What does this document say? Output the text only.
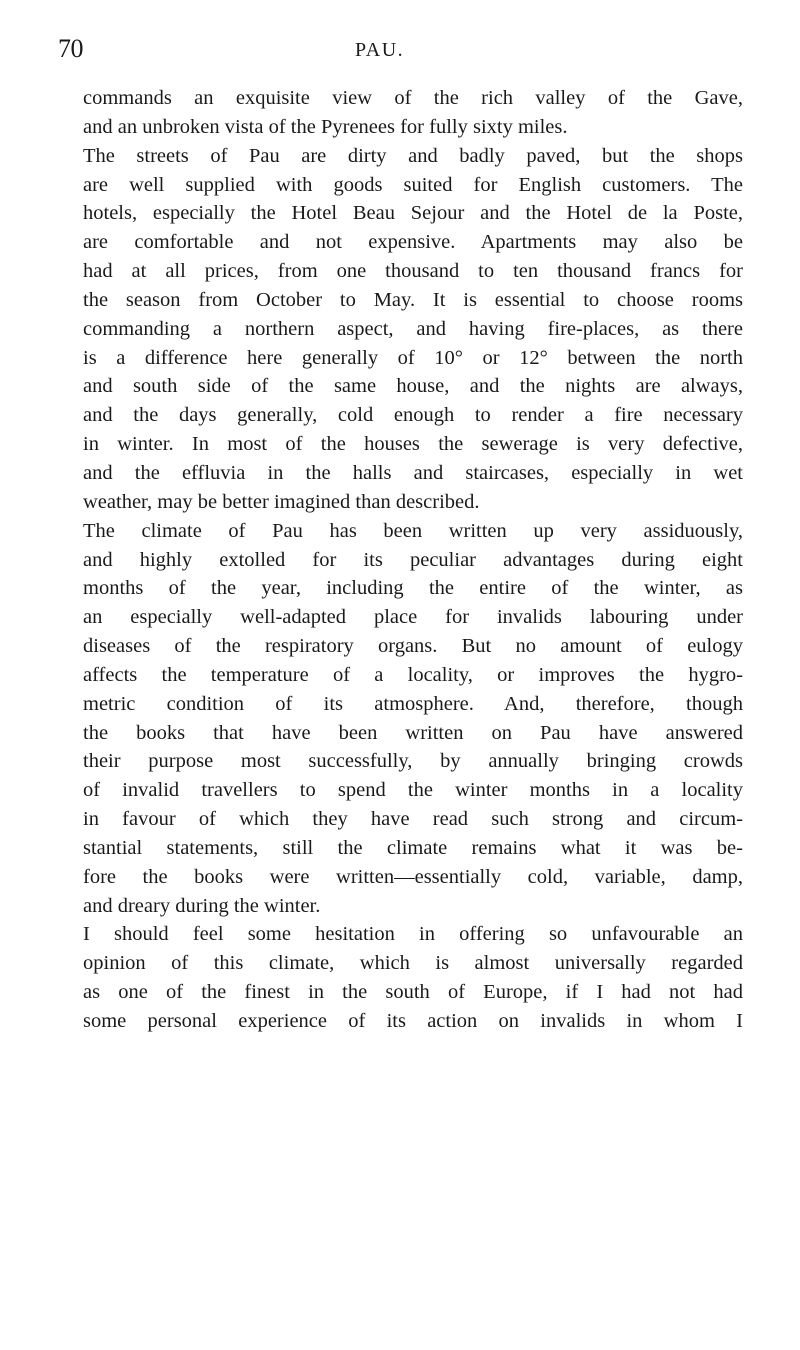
70	PAU.
commands an exquisite view of the rich valley of the Gave,
and an unbroken vista of the Pyrenees for fully sixty miles.
The streets of Pau are dirty and badly paved, but the shops
are well supplied with goods suited for English customers. The
hotels, especially the Hotel Beau Sejour and the Hotel de la Poste,
are comfortable and not expensive. Apartments may also be
had at all prices, from one thousand to ten thousand francs for
the season from October to May. It is essential to choose rooms
commanding a northern aspect, and having fire-places, as there
is a difference here generally of 10° or 12° between the north
and south side of the same house, and the nights are always,
and the days generally, cold enough to render a fire necessary
in winter. In most of the houses the sewerage is very defective,
and the effluvia in the halls and staircases, especially in wet
weather, may be better imagined than described.
The climate of Pau has been written up very assiduously,
and highly extolled for its peculiar advantages during eight
months of the year, including the entire of the winter, as
an especially well-adapted place for invalids labouring under
diseases of the respiratory organs. But no amount of eulogy
affects the temperature of a locality, or improves the hygro-
metric condition of its atmosphere. And, therefore, though
the books that have been written on Pau have answered
their purpose most successfully, by annually bringing crowds
of invalid travellers to spend the winter months in a locality
in favour of which they have read such strong and circum-
stantial statements, still the climate remains what it was be-
fore the books were written—essentially cold, variable, damp,
and dreary during the winter.
I should feel some hesitation in offering so unfavourable an
opinion of this climate, which is almost universally regarded
as one of the finest in the south of Europe, if I had not had
some personal experience of its action on invalids in whom I
